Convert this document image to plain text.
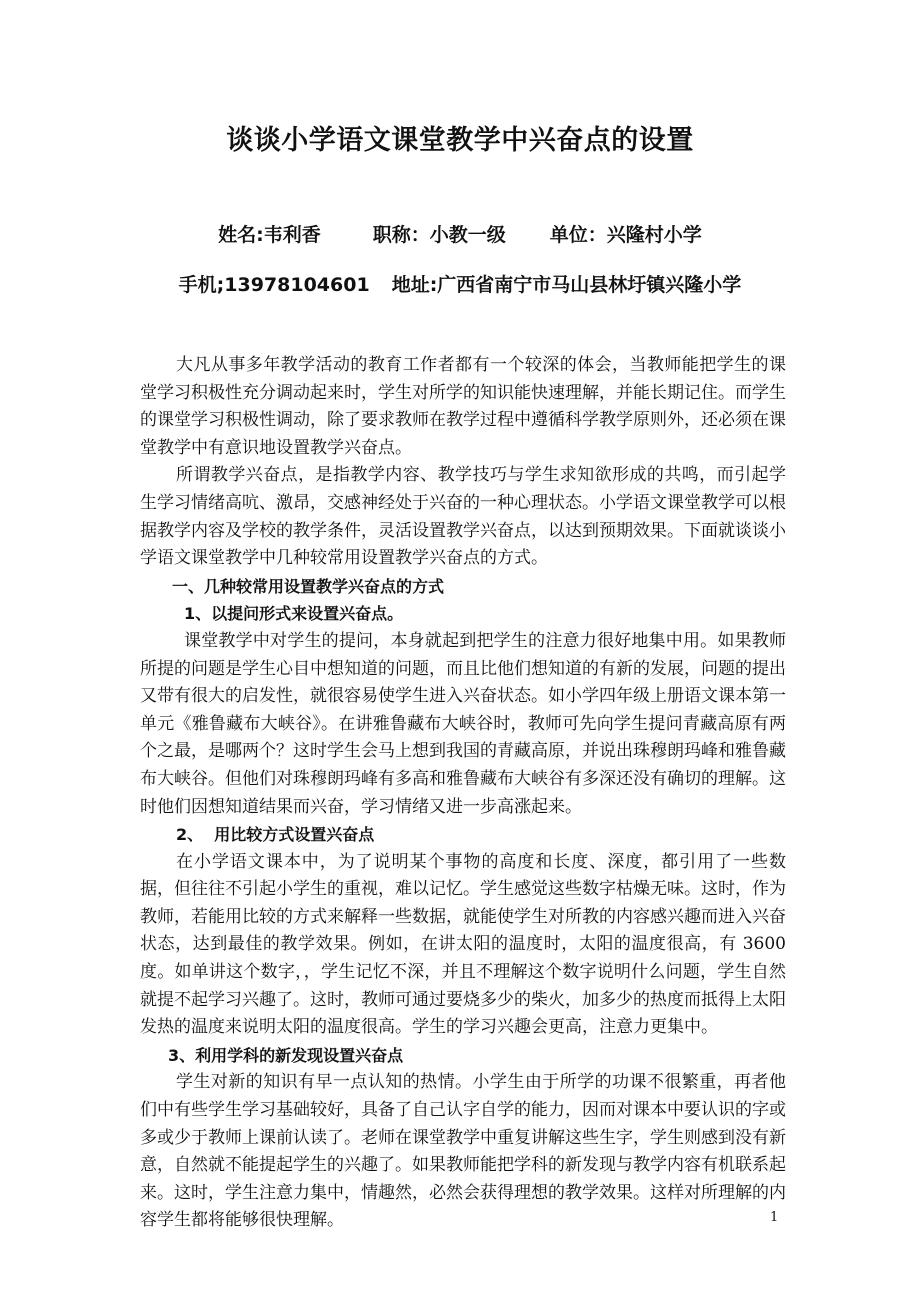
谈谈小学语文课堂教学中兴奋点的设置
姓名:韦利香	职称：小教一级 单位：兴隆村小学
手机;13978104601 地址:广西省南宁市马山县林圩镇兴隆小学

大凡从事多年教学活动的教育工作者都有一个较深的体会，当教师能把学生的课堂学习积极性充分调动起来时，学生对所学的知识能快速理解，并能长期记住。而学生的课堂学习积极性调动，除了要求教师在教学过程中遵循科学教学原则外，还必须在课堂教学中有意识地设置教学兴奋点。

所谓教学兴奋点，是指教学内容、教学技巧与学生求知欲形成的共鸣，而引起学生学习情绪高吭、激昂，交感神经处于兴奋的一种心理状态。小学语文课堂教学可以根据教学内容及学校的教学条件，灵活设置教学兴奋点，以达到预期效果。下面就谈谈小学语文课堂教学中几种较常用设置教学兴奋点的方式。

一、几种较常用设置教学兴奋点的方式

1、以提问形式来设置兴奋点。

课堂教学中对学生的提问，本身就起到把学生的注意力很好地集中用。如果教师所提的问题是学生心目中想知道的问题，而且比他们想知道的有新的发展，问题的提出又带有很大的启发性，就很容易使学生进入兴奋状态。如小学四年级上册语文课本第一单元《雅鲁藏布大峡谷》。在讲雅鲁藏布大峡谷时，教师可先向学生提问青藏高原有两个之最，是哪两个？这时学生会马上想到我国的青藏高原，并说出珠穆朗玛峰和雅鲁藏布大峡谷。但他们对珠穆朗玛峰有多高和雅鲁藏布大峡谷有多深还没有确切的理解。这时他们因想知道结果而兴奋，学习情绪又进一步高涨起来。

2、  用比较方式设置兴奋点

在小学语文课本中，为了说明某个事物的高度和长度、深度，都引用了一些数据，但往往不引起小学生的重视，难以记忆。学生感觉这些数字枯燥无味。这时，作为教师，若能用比较的方式来解释一些数据，就能使学生对所教的内容感兴趣而进入兴奋状态，达到最佳的教学效果。例如，在讲太阳的温度时，太阳的温度很高，有 3600 度。如单讲这个数字，，学生记忆不深，并且不理解这个数字说明什么问题，学生自然就提不起学习兴趣了。这时，教师可通过要烧多少的柴火，加多少的热度而抵得上太阳发热的温度来说明太阳的温度很高。学生的学习兴趣会更高，注意力更集中。

3、利用学科的新发现设置兴奋点

学生对新的知识有早一点认知的热情。小学生由于所学的功课不很繁重，再者他们中有些学生学习基础较好，具备了自己认字自学的能力，因而对课本中要认识的字或多或少于教师上课前认读了。老师在课堂教学中重复讲解这些生字，学生则感到没有新意，自然就不能提起学生的兴趣了。如果教师能把学科的新发现与教学内容有机联系起来。这时，学生注意力集中，情趣然，必然会获得理想的教学效果。这样对所理解的内容学生都将能够很快理解。	1
